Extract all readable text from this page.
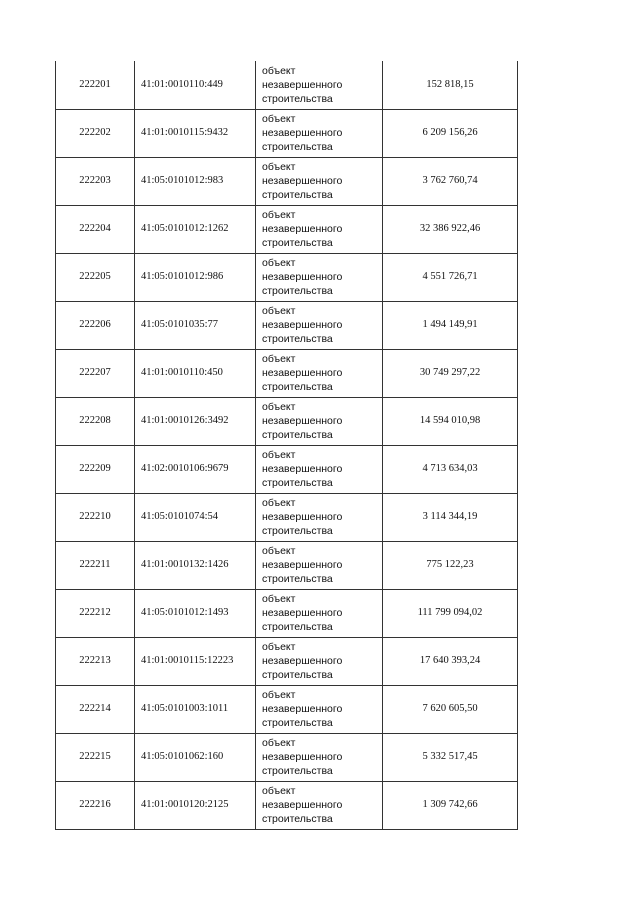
222201	41:01:0010110:449	объект
незавершенного
строительства	152 818,15
222202	41:01:0010115:9432	объект
незавершенного
строительства	6 209 156,26
222203	41:05:0101012:983	объект
незавершенного
строительства	3 762 760,74
222204	41:05:0101012:1262	объект
незавершенного
строительства	32 386 922,46
222205	41:05:0101012:986	объект
незавершенного
строительства	4 551 726,71
222206	41:05:0101035:77	объект
незавершенного
строительства	1 494 149,91
222207	41:01:0010110:450	объект
незавершенного
строительства	30 749 297,22
222208	41:01:0010126:3492	объект
незавершенного
строительства	14 594 010,98
222209	41:02:0010106:9679	объект
незавершенного
строительства	4 713 634,03
222210	41:05:0101074:54	объект
незавершенного
строительства	3 114 344,19
222211	41:01:0010132:1426	объект
незавершенного
строительства	775 122,23
222212	41:05:0101012:1493	объект
незавершенного
строительства	111 799 094,02
222213	41:01:0010115:12223	объект
незавершенного
строительства	17 640 393,24
222214	41:05:0101003:1011	объект
незавершенного
строительства	7 620 605,50
222215	41:05:0101062:160	объект
незавершенного
строительства	5 332 517,45
222216	41:01:0010120:2125	объект
незавершенного
строительства	1 309 742,66
